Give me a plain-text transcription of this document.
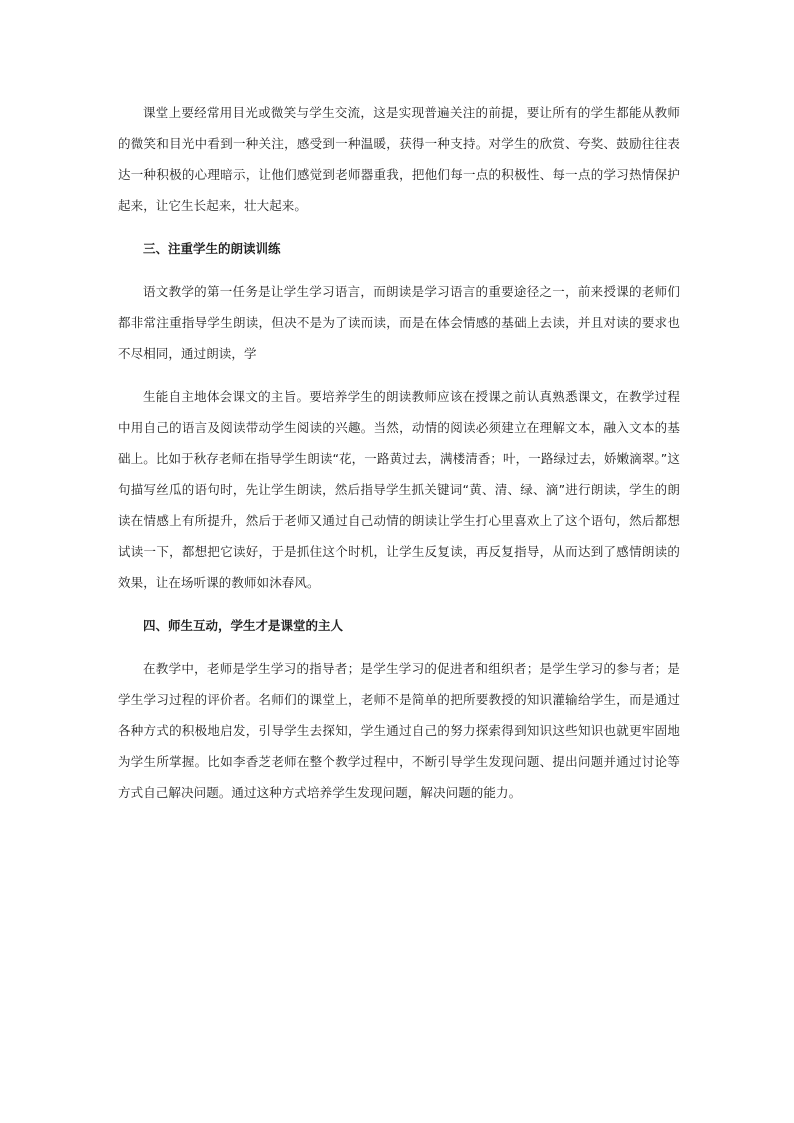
课堂上要经常用目光或微笑与学生交流，这是实现普遍关注的前提，要让所有的学生都能从教师的微笑和目光中看到一种关注，感受到一种温暖，获得一种支持。对学生的欣赏、夸奖、鼓励往往表达一种积极的心理暗示，让他们感觉到老师器重我，把他们每一点的积极性、每一点的学习热情保护起来，让它生长起来，壮大起来。

三、注重学生的朗读训练

语文教学的第一任务是让学生学习语言，而朗读是学习语言的重要途径之一，前来授课的老师们都非常注重指导学生朗读，但决不是为了读而读，而是在体会情感的基础上去读，并且对读的要求也不尽相同，通过朗读，学

生能自主地体会课文的主旨。要培养学生的朗读教师应该在授课之前认真熟悉课文，在教学过程中用自己的语言及阅读带动学生阅读的兴趣。当然，动情的阅读必须建立在理解文本，融入文本的基础上。比如于秋存老师在指导学生朗读“花，一路黄过去，满楼清香；叶，一路绿过去，娇嫩滴翠。”这句描写丝瓜的语句时，先让学生朗读，然后指导学生抓关键词“黄、清、绿、滴”进行朗读，学生的朗读在情感上有所提升，然后于老师又通过自己动情的朗读让学生打心里喜欢上了这个语句，然后都想试读一下，都想把它读好，于是抓住这个时机，让学生反复读，再反复指导，从而达到了感情朗读的效果，让在场听课的教师如沐春风。

四、师生互动，学生才是课堂的主人

在教学中，老师是学生学习的指导者；是学生学习的促进者和组织者；是学生学习的参与者；是学生学习过程的评价者。名师们的课堂上，老师不是简单的把所要教授的知识灌输给学生，而是通过各种方式的积极地启发，引导学生去探知，学生通过自己的努力探索得到知识这些知识也就更牢固地为学生所掌握。比如李香芝老师在整个教学过程中，不断引导学生发现问题、提出问题并通过讨论等方式自己解决问题。通过这种方式培养学生发现问题，解决问题的能力。
